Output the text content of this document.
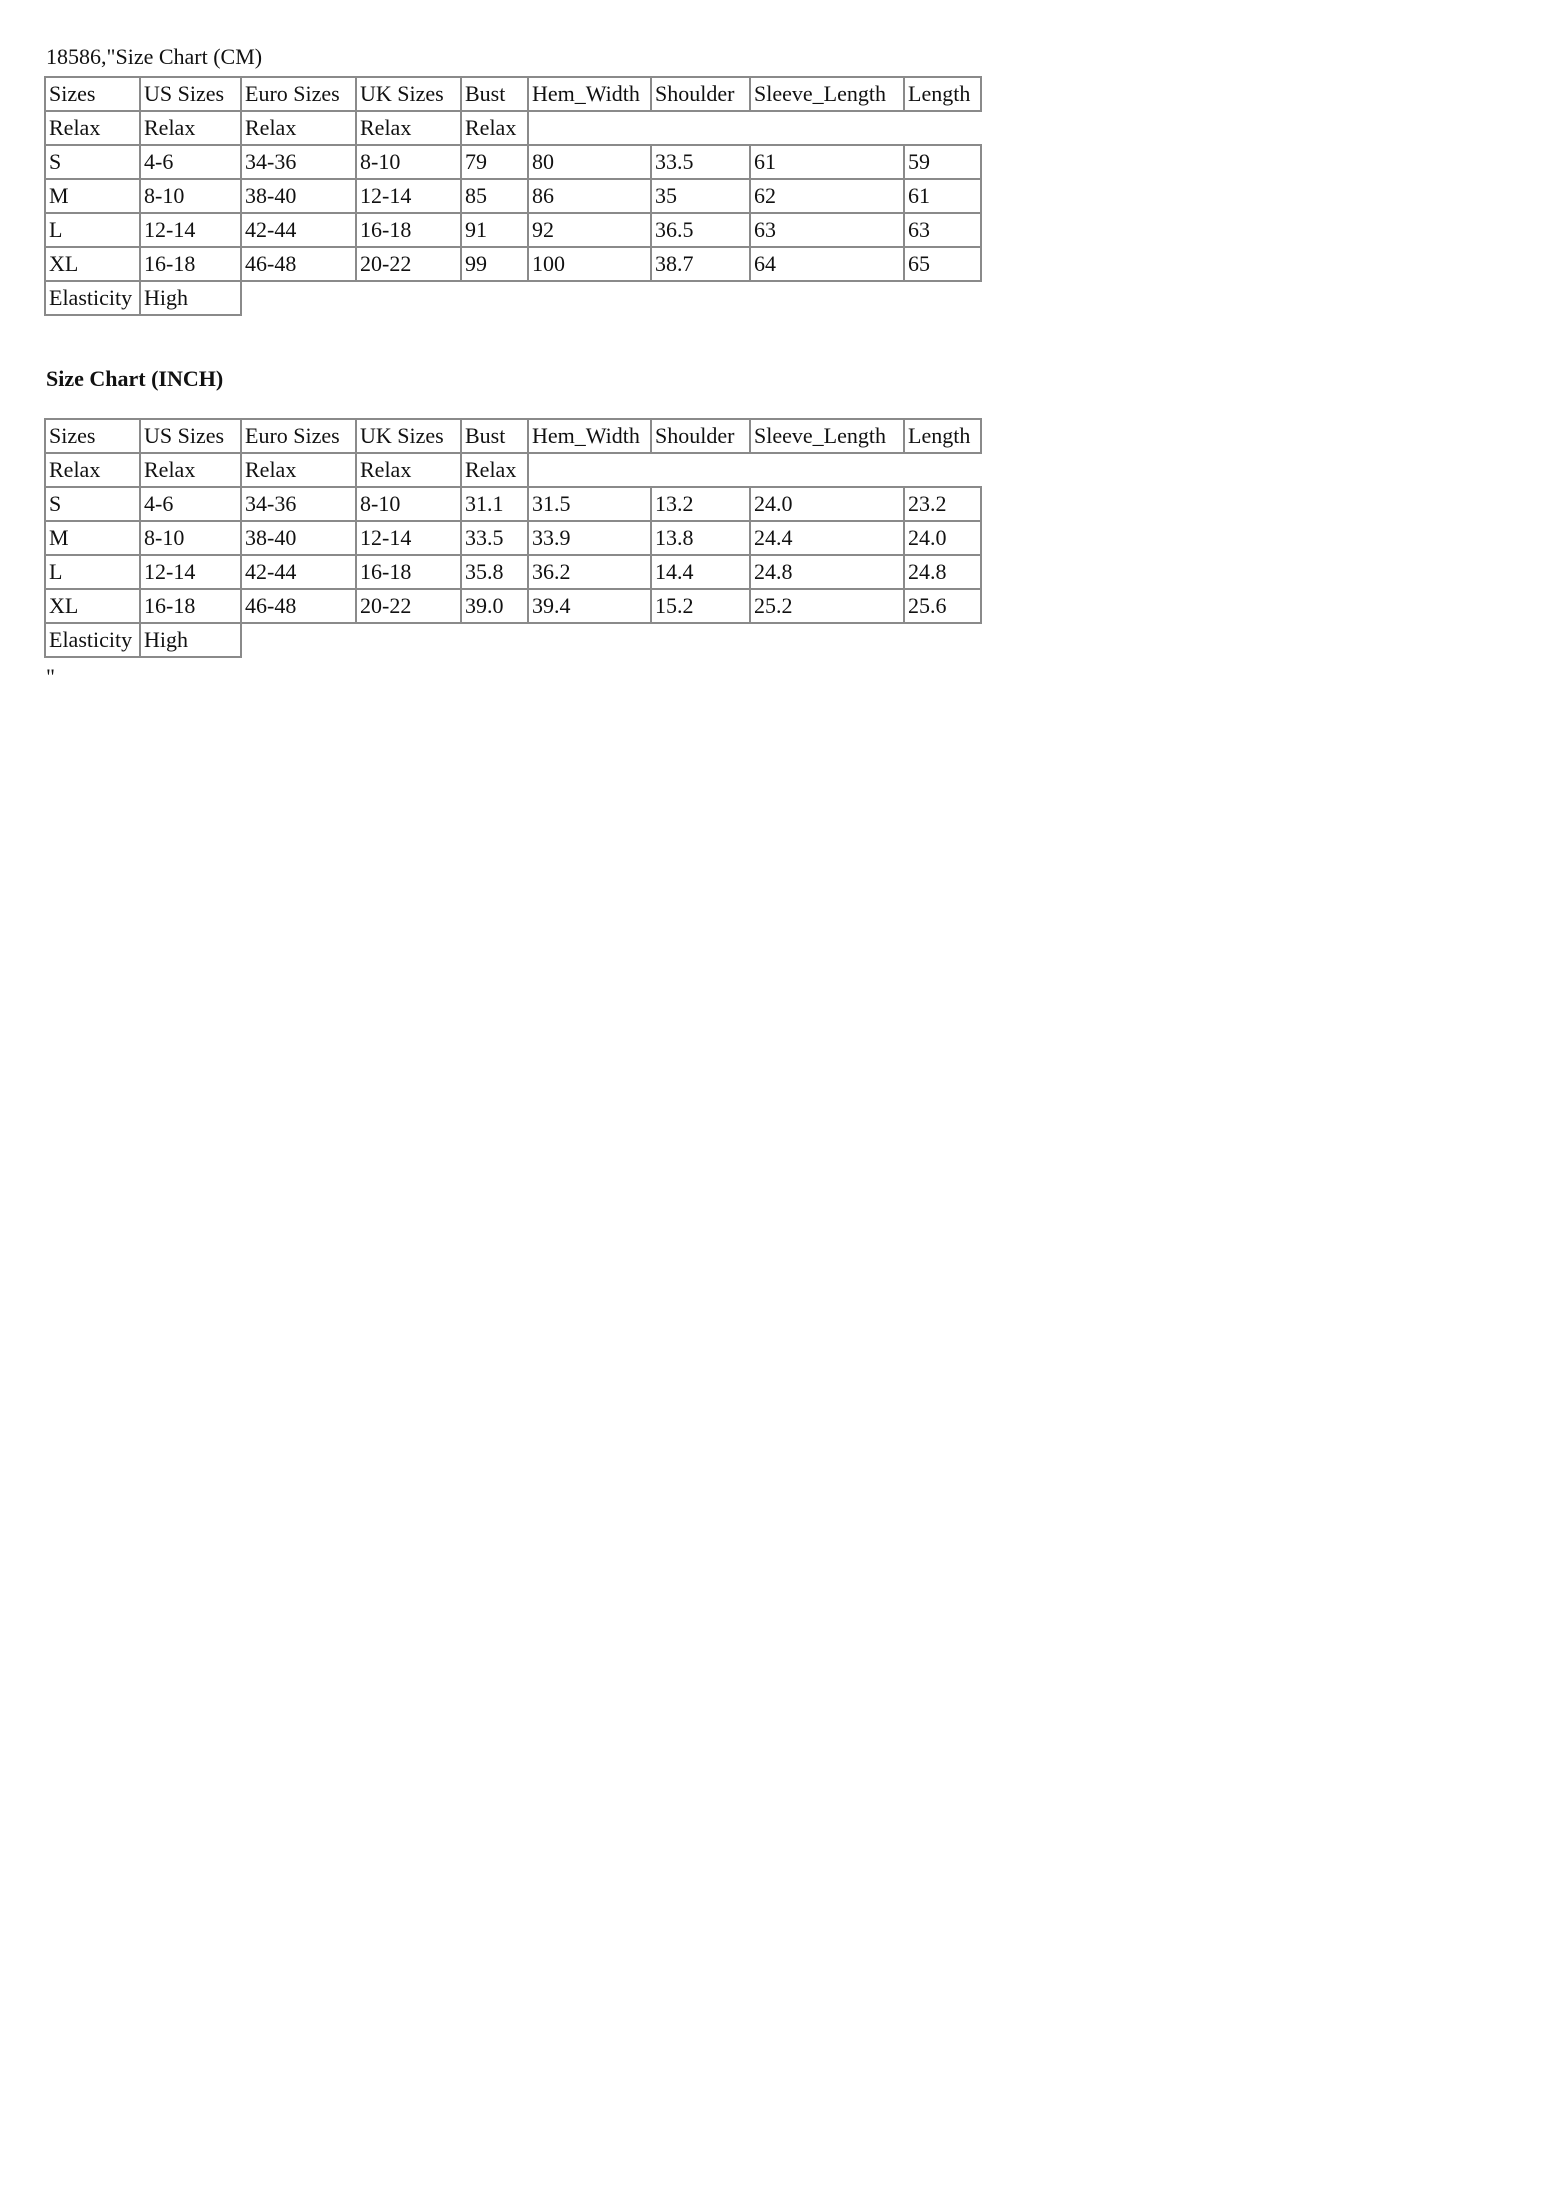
18586,"Size Chart (CM)

Sizes	US Sizes	Euro Sizes	UK Sizes	Bust	Hem_Width	Shoulder	Sleeve_Length	Length
Relax	Relax	Relax	Relax	Relax				
S	4-6	34-36	8-10	79	80	33.5	61	59
M	8-10	38-40	12-14	85	86	35	62	61
L	12-14	42-44	16-18	91	92	36.5	63	63
XL	16-18	46-48	20-22	99	100	38.7	64	65
Elasticity	High							

Size Chart (INCH)

Sizes	US Sizes	Euro Sizes	UK Sizes	Bust	Hem_Width	Shoulder	Sleeve_Length	Length
Relax	Relax	Relax	Relax	Relax				
S	4-6	34-36	8-10	31.1	31.5	13.2	24.0	23.2
M	8-10	38-40	12-14	33.5	33.9	13.8	24.4	24.0
L	12-14	42-44	16-18	35.8	36.2	14.4	24.8	24.8
XL	16-18	46-48	20-22	39.0	39.4	15.2	25.2	25.6
Elasticity	High							

"
